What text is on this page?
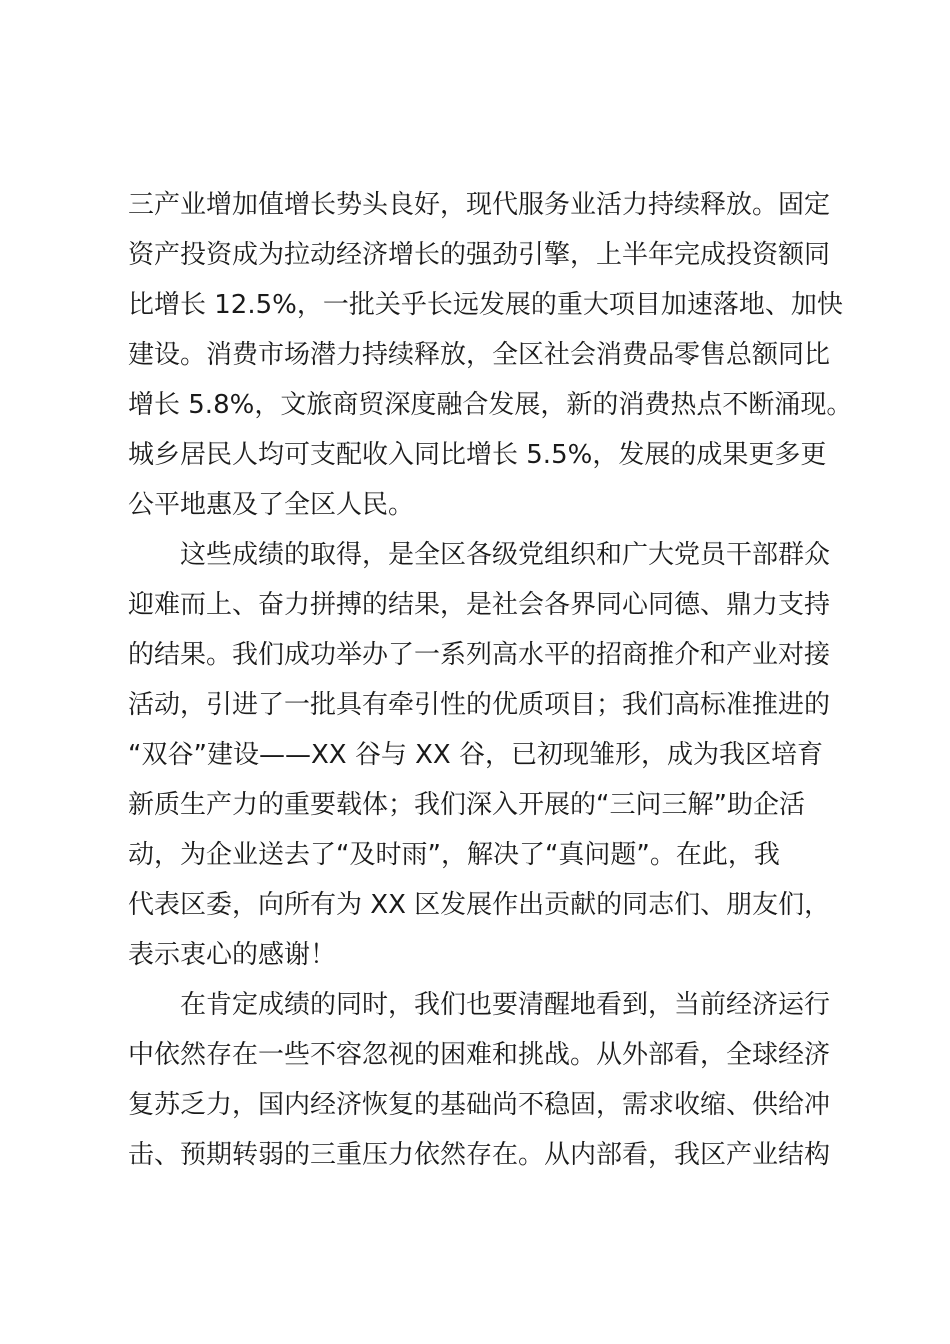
三产业增加值增长势头良好，现代服务业活力持续释放。固定
资产投资成为拉动经济增长的强劲引擎，上半年完成投资额同
比增长 12.5%，一批关乎长远发展的重大项目加速落地、加快
建设。消费市场潜力持续释放，全区社会消费品零售总额同比
增长 5.8%，文旅商贸深度融合发展，新的消费热点不断涌现。
城乡居民人均可支配收入同比增长 5.5%，发展的成果更多更
公平地惠及了全区人民。

　　这些成绩的取得，是全区各级党组织和广大党员干部群众
迎难而上、奋力拼搏的结果，是社会各界同心同德、鼎力支持
的结果。我们成功举办了一系列高水平的招商推介和产业对接
活动，引进了一批具有牵引性的优质项目；我们高标准推进的
“双谷”建设——XX 谷与 XX 谷，已初现雏形，成为我区培育
新质生产力的重要载体；我们深入开展的“三问三解”助企活
动，为企业送去了“及时雨”，解决了“真问题”。在此，我
代表区委，向所有为 XX 区发展作出贡献的同志们、朋友们，
表示衷心的感谢！

　　在肯定成绩的同时，我们也要清醒地看到，当前经济运行
中依然存在一些不容忽视的困难和挑战。从外部看，全球经济
复苏乏力，国内经济恢复的基础尚不稳固，需求收缩、供给冲
击、预期转弱的三重压力依然存在。从内部看，我区产业结构
